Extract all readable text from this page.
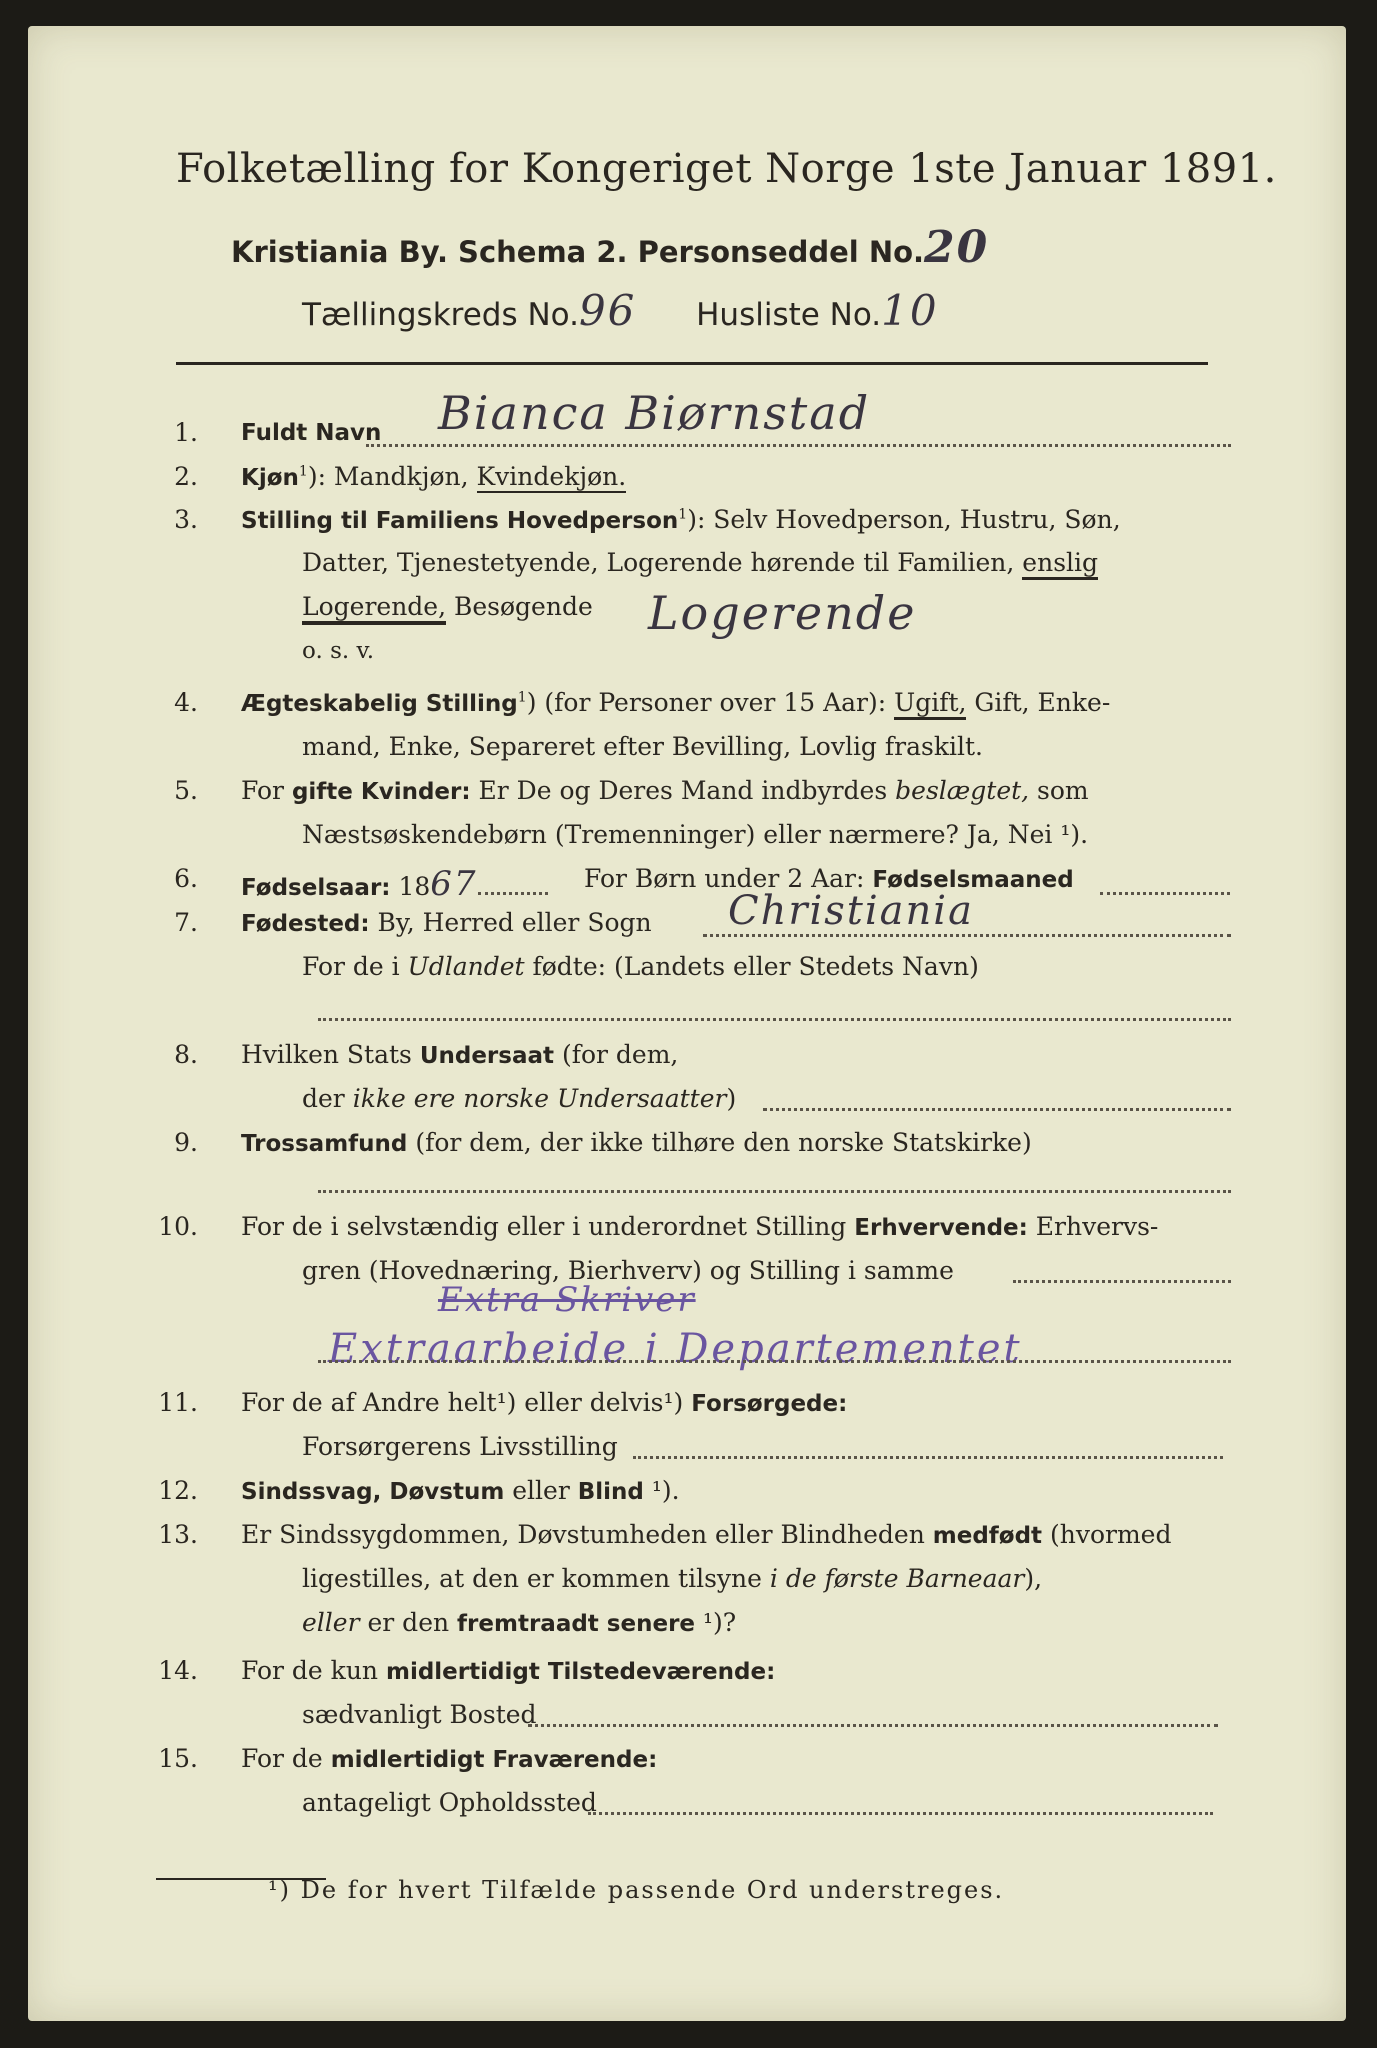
Folketælling for Kongeriget Norge 1ste Januar 1891.
Kristiania By. Schema 2. Personseddel No.20
Tællingskreds No.96 Husliste No.10
1. Fuldt Navn Bianca Biørnstad
2. Kjøn$^1$): Mandkjøn, Kvindekjøn.
3. Stilling til Familiens Hovedperson$^1$): Selv Hovedperson, Hustru, Søn,
Datter, Tjenestetyende, Logerende hørende til Familien, enslig
Logerende, Besøgende Logerende
o. s. v.
4. Ægteskabelig Stilling$^1$) (for Personer over 15 Aar): Ugift, Gift, Enke-
mand, Enke, Separeret efter Bevilling, Lovlig fraskilt.
5. For gifte Kvinder: Er De og Deres Mand indbyrdes beslægtet, som
Næstsøskendebørn (Tremenninger) eller nærmere? Ja, Nei ¹).
6. Fødselsaar: 1867	For Børn under 2 Aar: Fødselsmaaned
7. Fødested: By, Herred eller Sogn Christiania
For de i Udlandet fødte: (Landets eller Stedets Navn)
8. Hvilken Stats Undersaat (for dem,
der ikke ere norske Undersaatter)
9. Trossamfund (for dem, der ikke tilhøre den norske Statskirke)
10. For de i selvstændig eller i underordnet Stilling Erhvervende: Erhvervs-
gren (Hovednæring, Bierhverv) og Stilling i samme
Extra Skriver
Extraarbeide i Departementet
11. For de af Andre helt¹) eller delvis¹) Forsørgede:
Forsørgerens Livsstilling
12. Sindssvag, Døvstum eller Blind ¹).
13. Er Sindssygdommen, Døvstumheden eller Blindheden medfødt (hvormed
ligestilles, at den er kommen tilsyne i de første Barneaar),
eller er den fremtraadt senere ¹)?
14. For de kun midlertidigt Tilstedeværende:
sædvanligt Bosted
15. For de midlertidigt Fraværende:
antageligt Opholdssted
¹) De for hvert Tilfælde passende Ord understreges.
